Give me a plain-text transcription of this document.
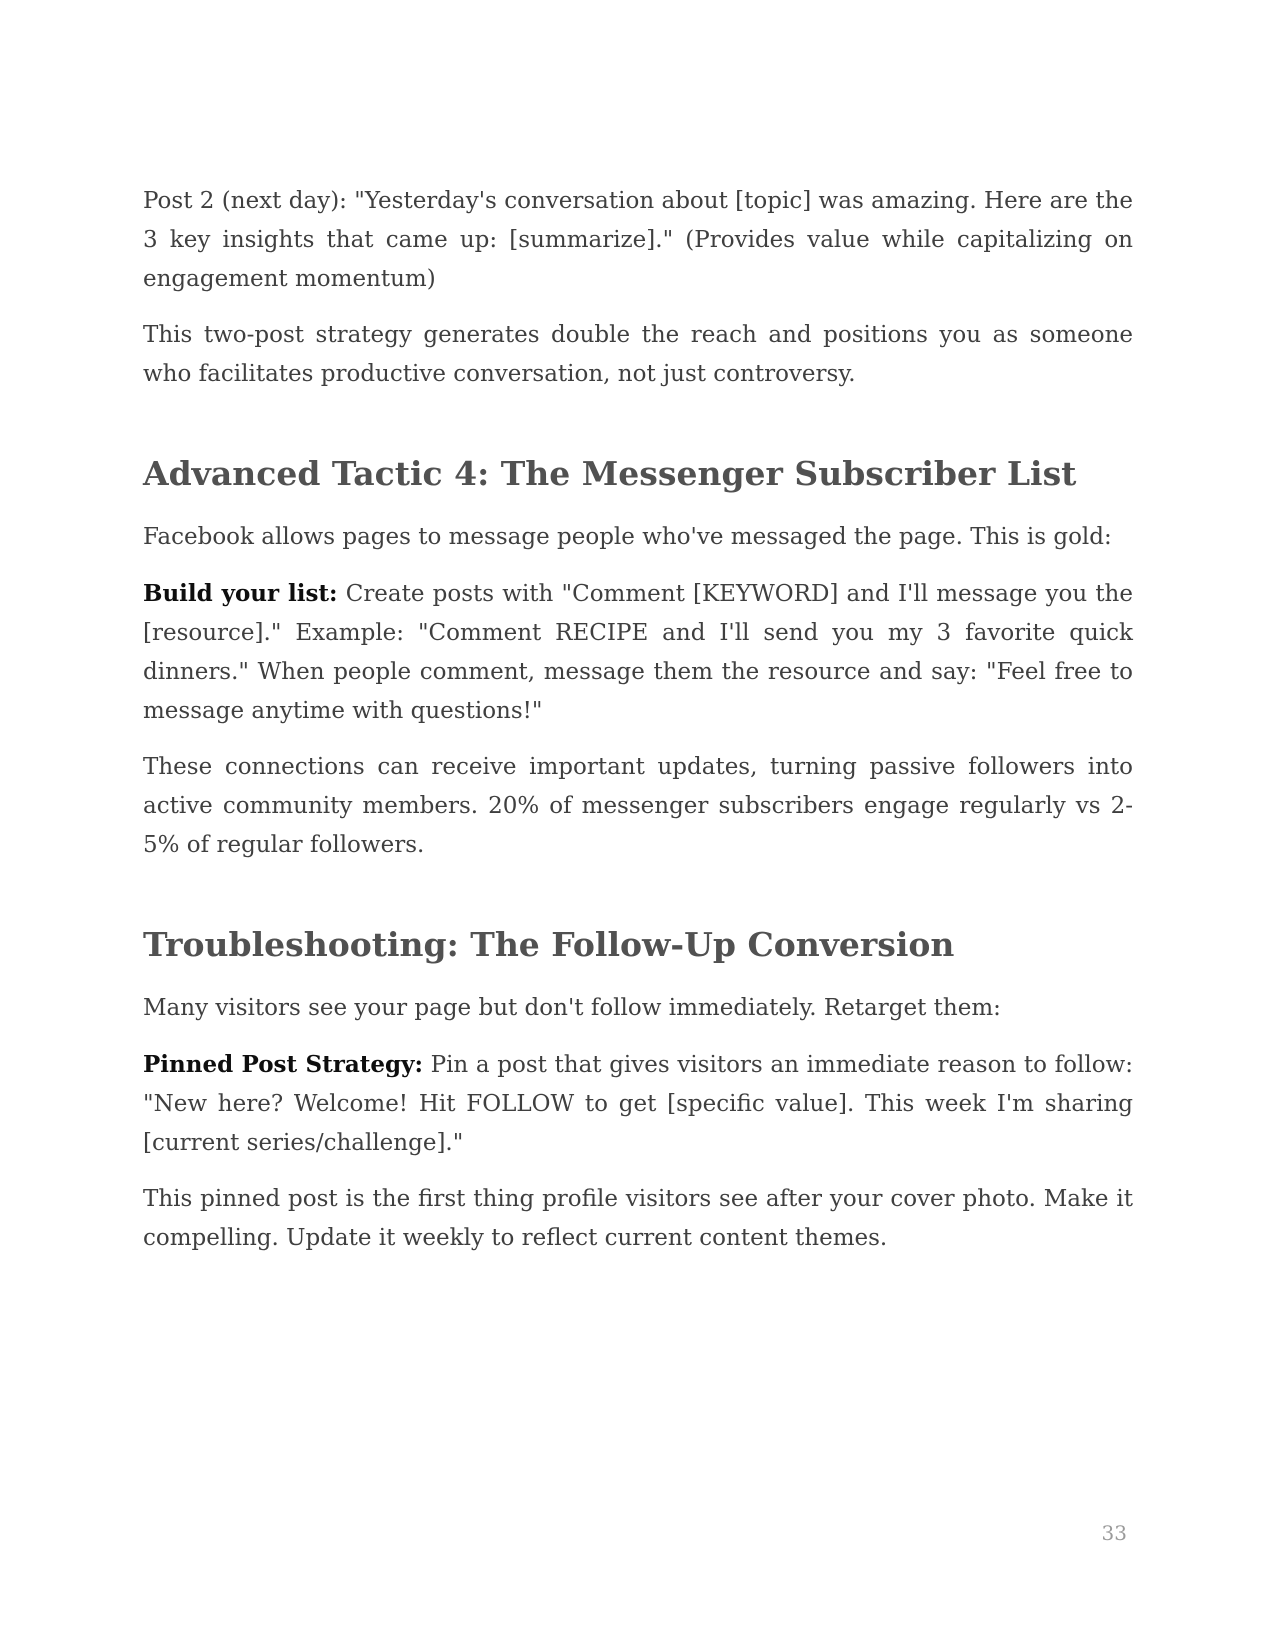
Post 2 (next day): "Yesterday's conversation about [topic] was amazing. Here are the 3 key insights that came up: [summarize]." (Provides value while capitalizing on engagement momentum)

This two-post strategy generates double the reach and positions you as someone who facilitates productive conversation, not just controversy.

Advanced Tactic 4: The Messenger Subscriber List

Facebook allows pages to message people who've messaged the page. This is gold:

Build your list: Create posts with "Comment [KEYWORD] and I'll message you the [resource]." Example: "Comment RECIPE and I'll send you my 3 favorite quick dinners." When people comment, message them the resource and say: "Feel free to message anytime with questions!"

These connections can receive important updates, turning passive followers into active community members. 20% of messenger subscribers engage regularly vs 2-5% of regular followers.

Troubleshooting: The Follow-Up Conversion

Many visitors see your page but don't follow immediately. Retarget them:

Pinned Post Strategy: Pin a post that gives visitors an immediate reason to follow: "New here? Welcome! Hit FOLLOW to get [specific value]. This week I'm sharing [current series/challenge]."

This pinned post is the first thing profile visitors see after your cover photo. Make it compelling. Update it weekly to reflect current content themes.

33
